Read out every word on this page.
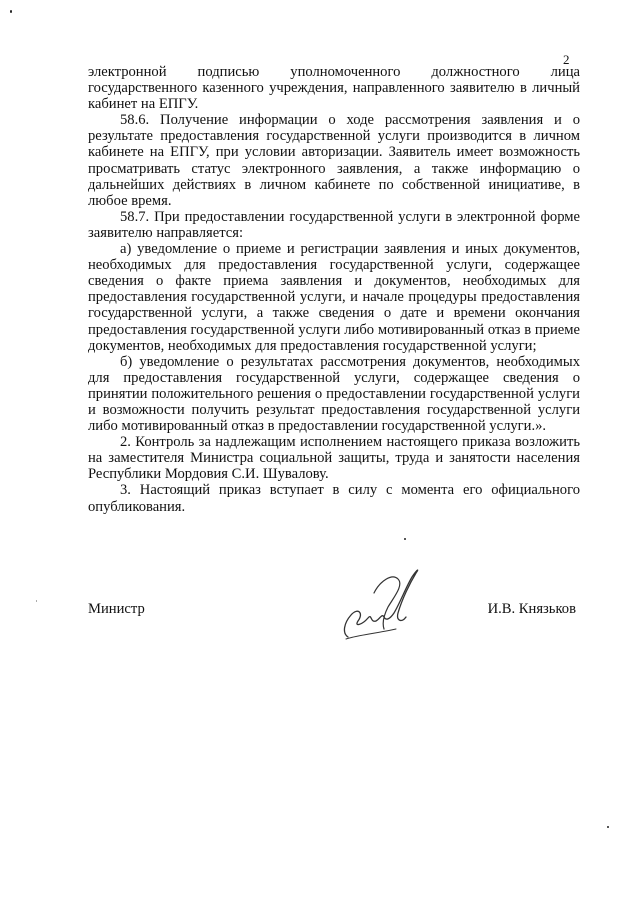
2

электронной подписью уполномоченного должностного лица государственного казенного учреждения, направленного заявителю в личный кабинет на ЕПГУ.

58.6. Получение информации о ходе рассмотрения заявления и о результате предоставления государственной услуги производится в личном кабинете на ЕПГУ, при условии авторизации. Заявитель имеет возможность просматривать статус электронного заявления, а также информацию о дальнейших действиях в личном кабинете по собственной инициативе, в любое время.

58.7. При предоставлении государственной услуги в электронной форме заявителю направляется:

а) уведомление о приеме и регистрации заявления и иных документов, необходимых для предоставления государственной услуги, содержащее сведения о факте приема заявления и документов, необходимых для предоставления государственной услуги, и начале процедуры предоставления государственной услуги, а также сведения о дате и времени окончания предоставления государственной услуги либо мотивированный отказ в приеме документов, необходимых для предоставления государственной услуги;

б) уведомление о результатах рассмотрения документов, необходимых для предоставления государственной услуги, содержащее сведения о принятии положительного решения о предоставлении государственной услуги и возможности получить результат предоставления государственной услуги либо мотивированный отказ в предоставлении государственной услуги.».

2. Контроль за надлежащим исполнением настоящего приказа возложить на заместителя Министра социальной защиты, труда и занятости населения Республики Мордовия С.И. Шувалову.

3. Настоящий приказ вступает в силу с момента его официального опубликования.

Министр	И.В. Князьков
